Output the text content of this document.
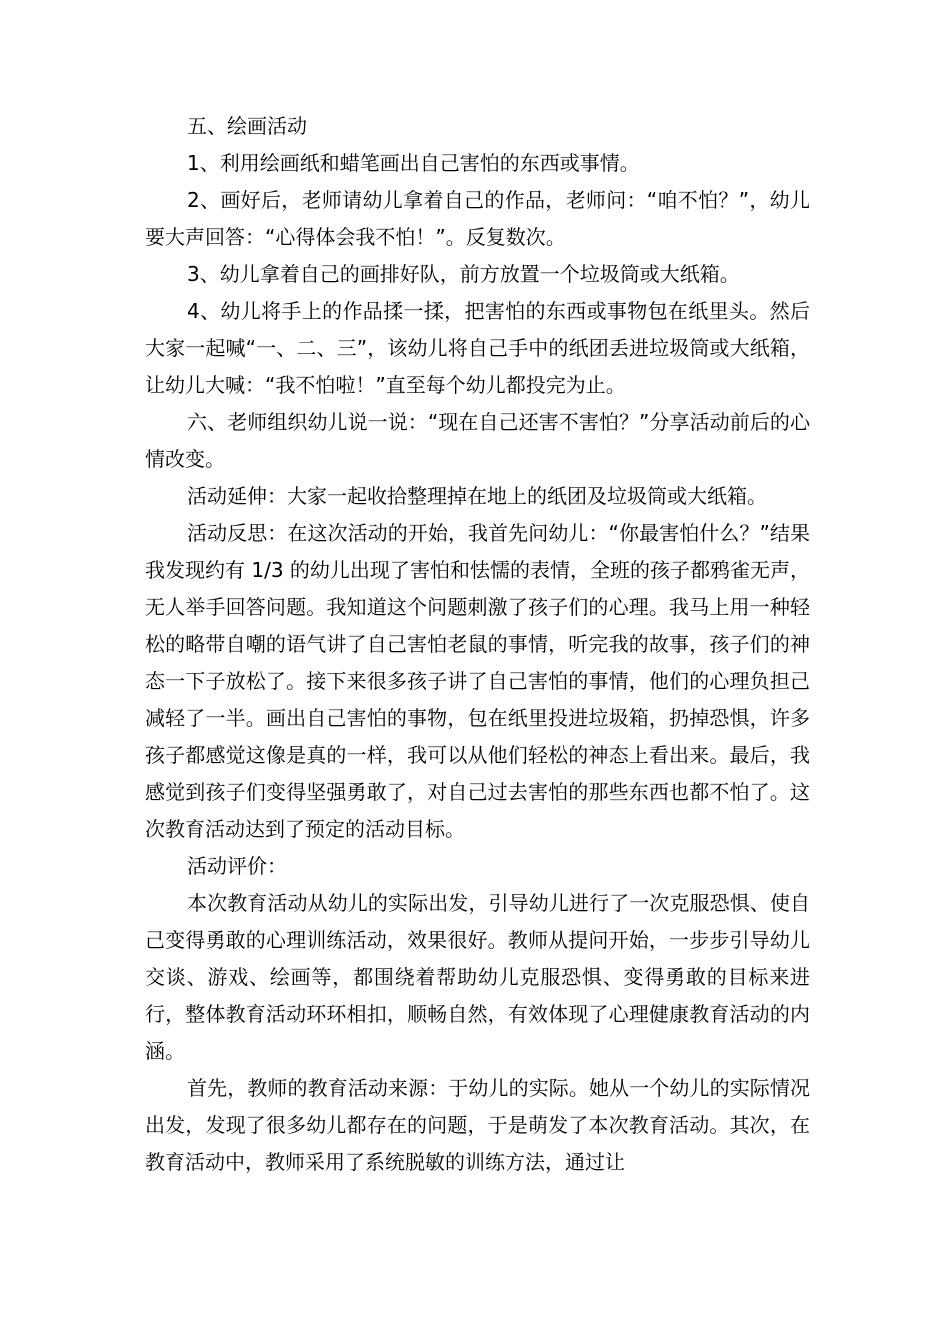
五、绘画活动

1、利用绘画纸和蜡笔画出自己害怕的东西或事情。

2、画好后，老师请幼儿拿着自己的作品，老师问：“咱不怕？”，幼儿要大声回答：“心得体会我不怕！”。反复数次。

3、幼儿拿着自己的画排好队，前方放置一个垃圾筒或大纸箱。

4、幼儿将手上的作品揉一揉，把害怕的东西或事物包在纸里头。然后大家一起喊“一、二、三”，该幼儿将自己手中的纸团丢进垃圾筒或大纸箱，让幼儿大喊：“我不怕啦！”直至每个幼儿都投完为止。

六、老师组织幼儿说一说：“现在自己还害不害怕？”分享活动前后的心情改变。

活动延伸：大家一起收拾整理掉在地上的纸团及垃圾筒或大纸箱。

活动反思：在这次活动的开始，我首先问幼儿：“你最害怕什么？”结果我发现约有 1/3 的幼儿出现了害怕和怯懦的表情，全班的孩子都鸦雀无声，无人举手回答问题。我知道这个问题刺激了孩子们的心理。我马上用一种轻松的略带自嘲的语气讲了自己害怕老鼠的事情，听完我的故事，孩子们的神态一下子放松了。接下来很多孩子讲了自己害怕的事情，他们的心理负担己减轻了一半。画出自己害怕的事物，包在纸里投进垃圾箱，扔掉恐惧，许多孩子都感觉这像是真的一样，我可以从他们轻松的神态上看出来。最后，我感觉到孩子们变得坚强勇敢了，对自己过去害怕的那些东西也都不怕了。这次教育活动达到了预定的活动目标。

活动评价：

本次教育活动从幼儿的实际出发，引导幼儿进行了一次克服恐惧、使自己变得勇敢的心理训练活动，效果很好。教师从提问开始，一步步引导幼儿交谈、游戏、绘画等，都围绕着帮助幼儿克服恐惧、变得勇敢的目标来进行，整体教育活动环环相扣，顺畅自然，有效体现了心理健康教育活动的内涵。

首先，教师的教育活动来源：于幼儿的实际。她从一个幼儿的实际情况出发，发现了很多幼儿都存在的问题，于是萌发了本次教育活动。其次，在教育活动中，教师采用了系统脱敏的训练方法，通过让
